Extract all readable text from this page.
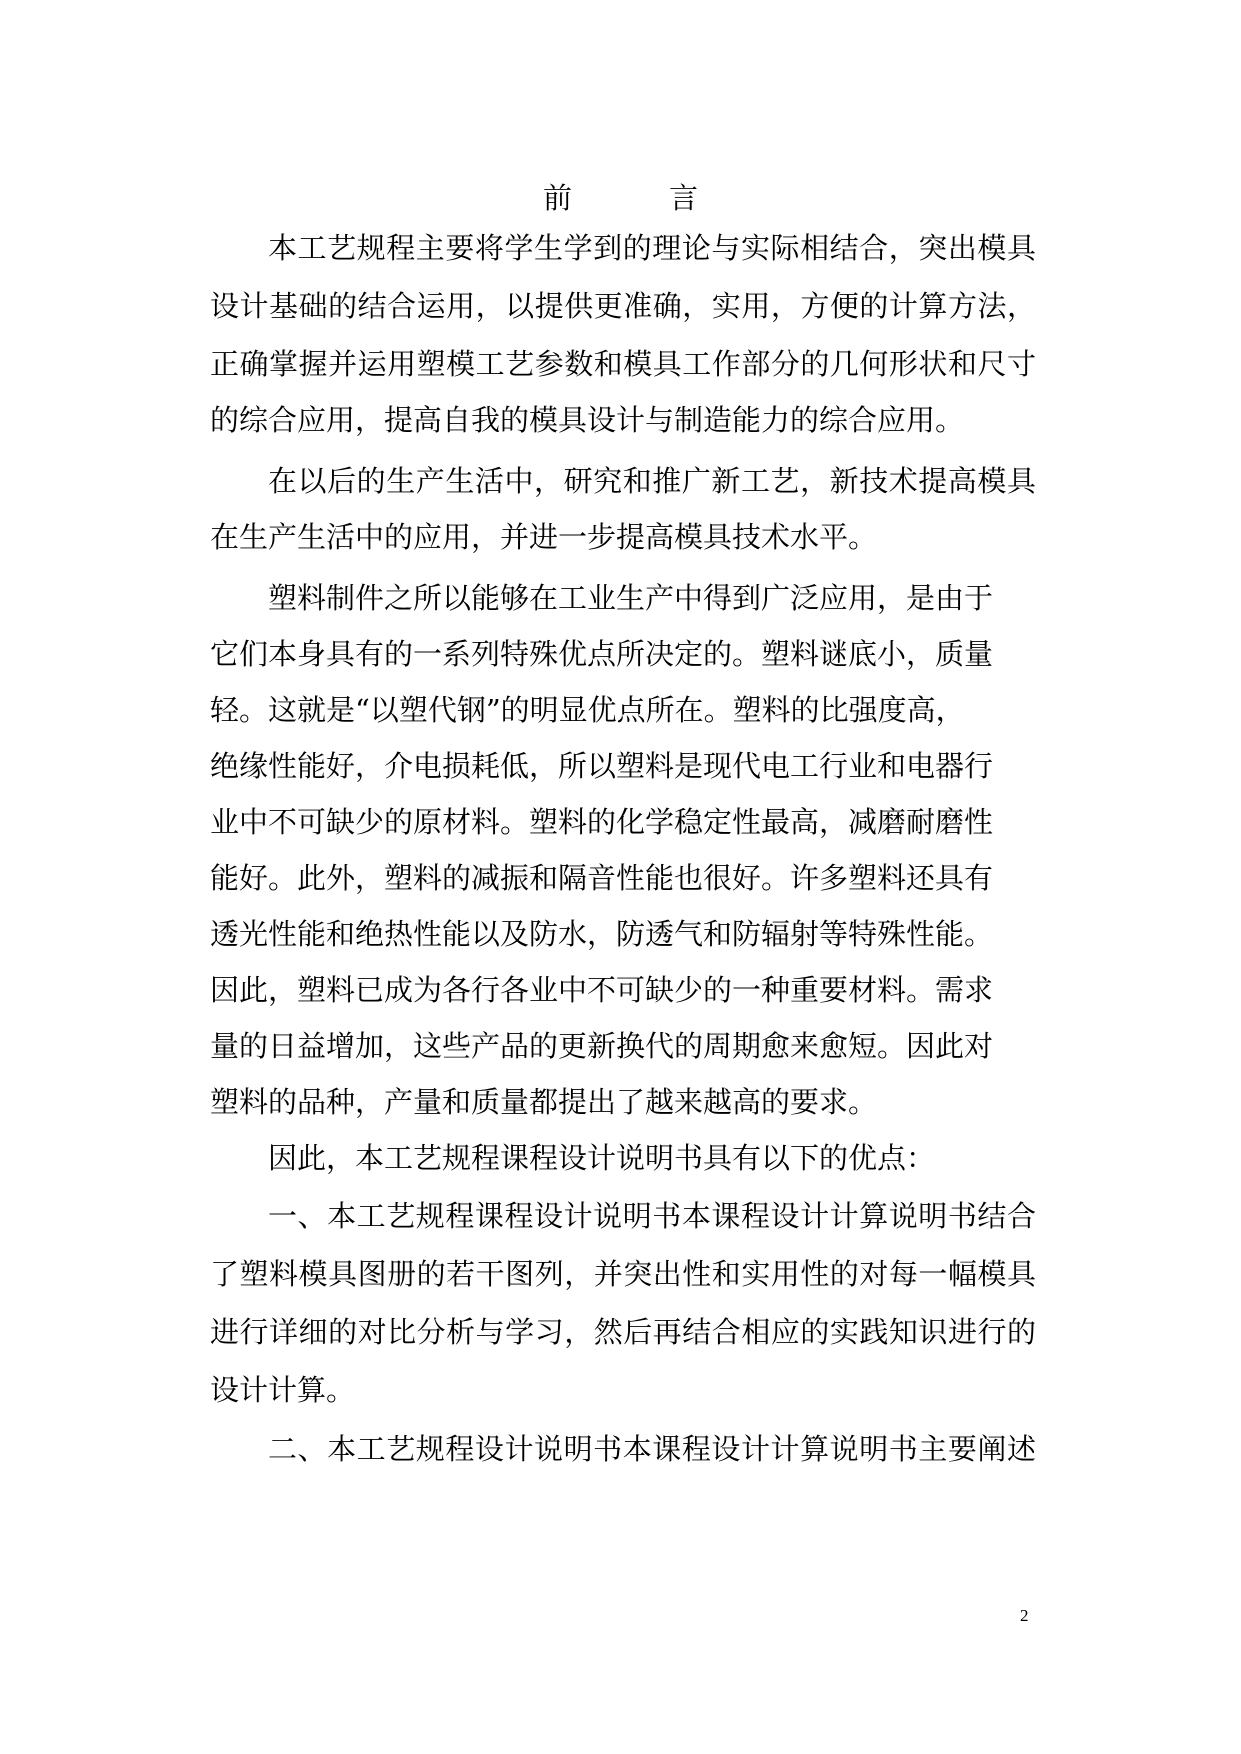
前　言
本工艺规程主要将学生学到的理论与实际相结合，突出模具
设计基础的结合运用，以提供更准确，实用，方便的计算方法，
正确掌握并运用塑模工艺参数和模具工作部分的几何形状和尺寸
的综合应用，提高自我的模具设计与制造能力的综合应用。
在以后的生产生活中，研究和推广新工艺，新技术提高模具
在生产生活中的应用，并进一步提高模具技术水平。
塑料制件之所以能够在工业生产中得到广泛应用，是由于
它们本身具有的一系列特殊优点所决定的。塑料谜底小，质量
轻。这就是“以塑代钢”的明显优点所在。塑料的比强度高，
绝缘性能好，介电损耗低，所以塑料是现代电工行业和电器行
业中不可缺少的原材料。塑料的化学稳定性最高，减磨耐磨性
能好。此外，塑料的减振和隔音性能也很好。许多塑料还具有
透光性能和绝热性能以及防水，防透气和防辐射等特殊性能。
因此，塑料已成为各行各业中不可缺少的一种重要材料。需求
量的日益增加，这些产品的更新换代的周期愈来愈短。因此对
塑料的品种，产量和质量都提出了越来越高的要求。
因此，本工艺规程课程设计说明书具有以下的优点：
一、本工艺规程课程设计说明书本课程设计计算说明书结合
了塑料模具图册的若干图列，并突出性和实用性的对每一幅模具
进行详细的对比分析与学习，然后再结合相应的实践知识进行的
设计计算。
二、本工艺规程设计说明书本课程设计计算说明书主要阐述
2
